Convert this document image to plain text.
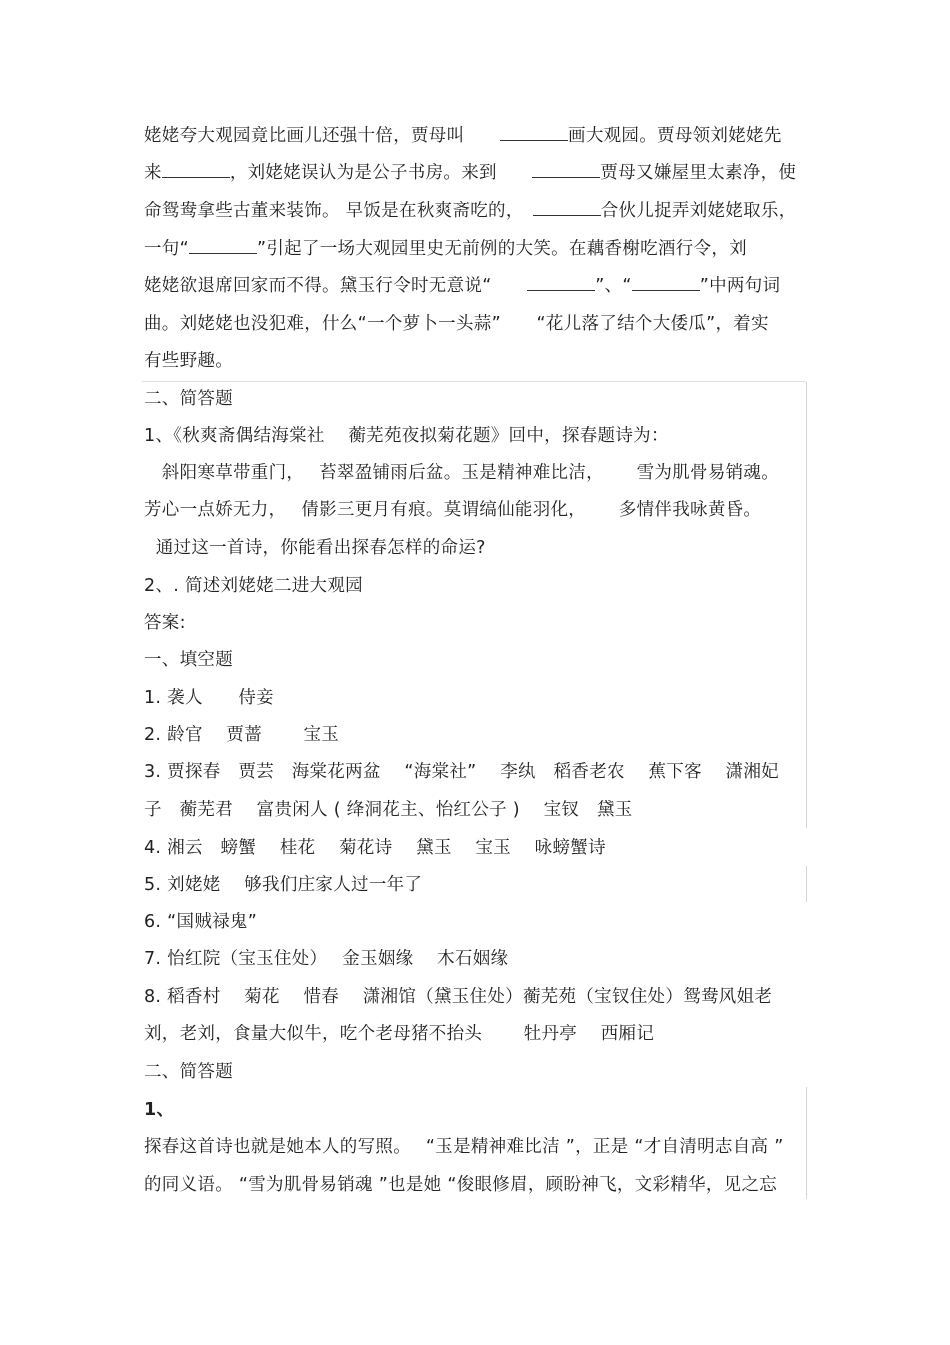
姥姥夸大观园竟比画儿还强十倍，贾母叫　　	画大观园。贾母领刘姥姥先
来	，刘姥姥误认为是公子书房。来到　　	贾母又嫌屋里太素净，使
命鸳鸯拿些古董来装饰。 早饭是在秋爽斋吃的，　	合伙儿捉弄刘姥姥取乐，
一句“	”引起了一场大观园里史无前例的大笑。在藕香榭吃酒行令，刘
姥姥欲退席回家而不得。黛玉行令时无意说“　　	”、“	”中两句词
曲。刘姥姥也没犯难，什么“一个萝卜一头蒜”　　“花儿落了结个大倭瓜”，着实
有些野趣。
二、简答题
1、《秋爽斋偶结海棠社　 蘅芜苑夜拟菊花题》回中，探春题诗为：
　斜阳寒草带重门，　 苔翠盈铺雨后盆。玉是精神难比洁，　　 雪为肌骨易销魂。
芳心一点娇无力，　 倩影三更月有痕。莫谓缟仙能羽化，　　 多情伴我咏黄昏。
通过这一首诗，你能看出探春怎样的命运?
2、. 简述刘姥姥二进大观园
答案:
一、填空题
1. 袭人　　侍妾
2. 龄官　 贾蔷　　 宝玉
3. 贾探春　贾芸　海棠花两盆　 “海棠社”　 李纨　稻香老农　 蕉下客　 潇湘妃
子　蘅芜君　 富贵闲人 ( 绛洞花主、怡红公子 )　 宝钗　黛玉
4. 湘云　螃蟹　 桂花　 菊花诗　 黛玉　 宝玉　 咏螃蟹诗
5. 刘姥姥　 够我们庄家人过一年了
6. “国贼禄鬼”
7. 怡红院（宝玉住处）　 金玉姻缘　 木石姻缘
8. 稻香村　 菊花　 惜春　 潇湘馆（黛玉住处）蘅芜苑（宝钗住处）鸳鸯风姐老
刘，老刘，食量大似牛，吃个老母猪不抬头　　 牡丹亭　 西厢记
二、简答题
1、
探春这首诗也就是她本人的写照。　 “玉是精神难比洁 ”，正是 “才自清明志自高 ”
的同义语。 “雪为肌骨易销魂 ”也是她 “俊眼修眉，顾盼神飞，文彩精华，见之忘
